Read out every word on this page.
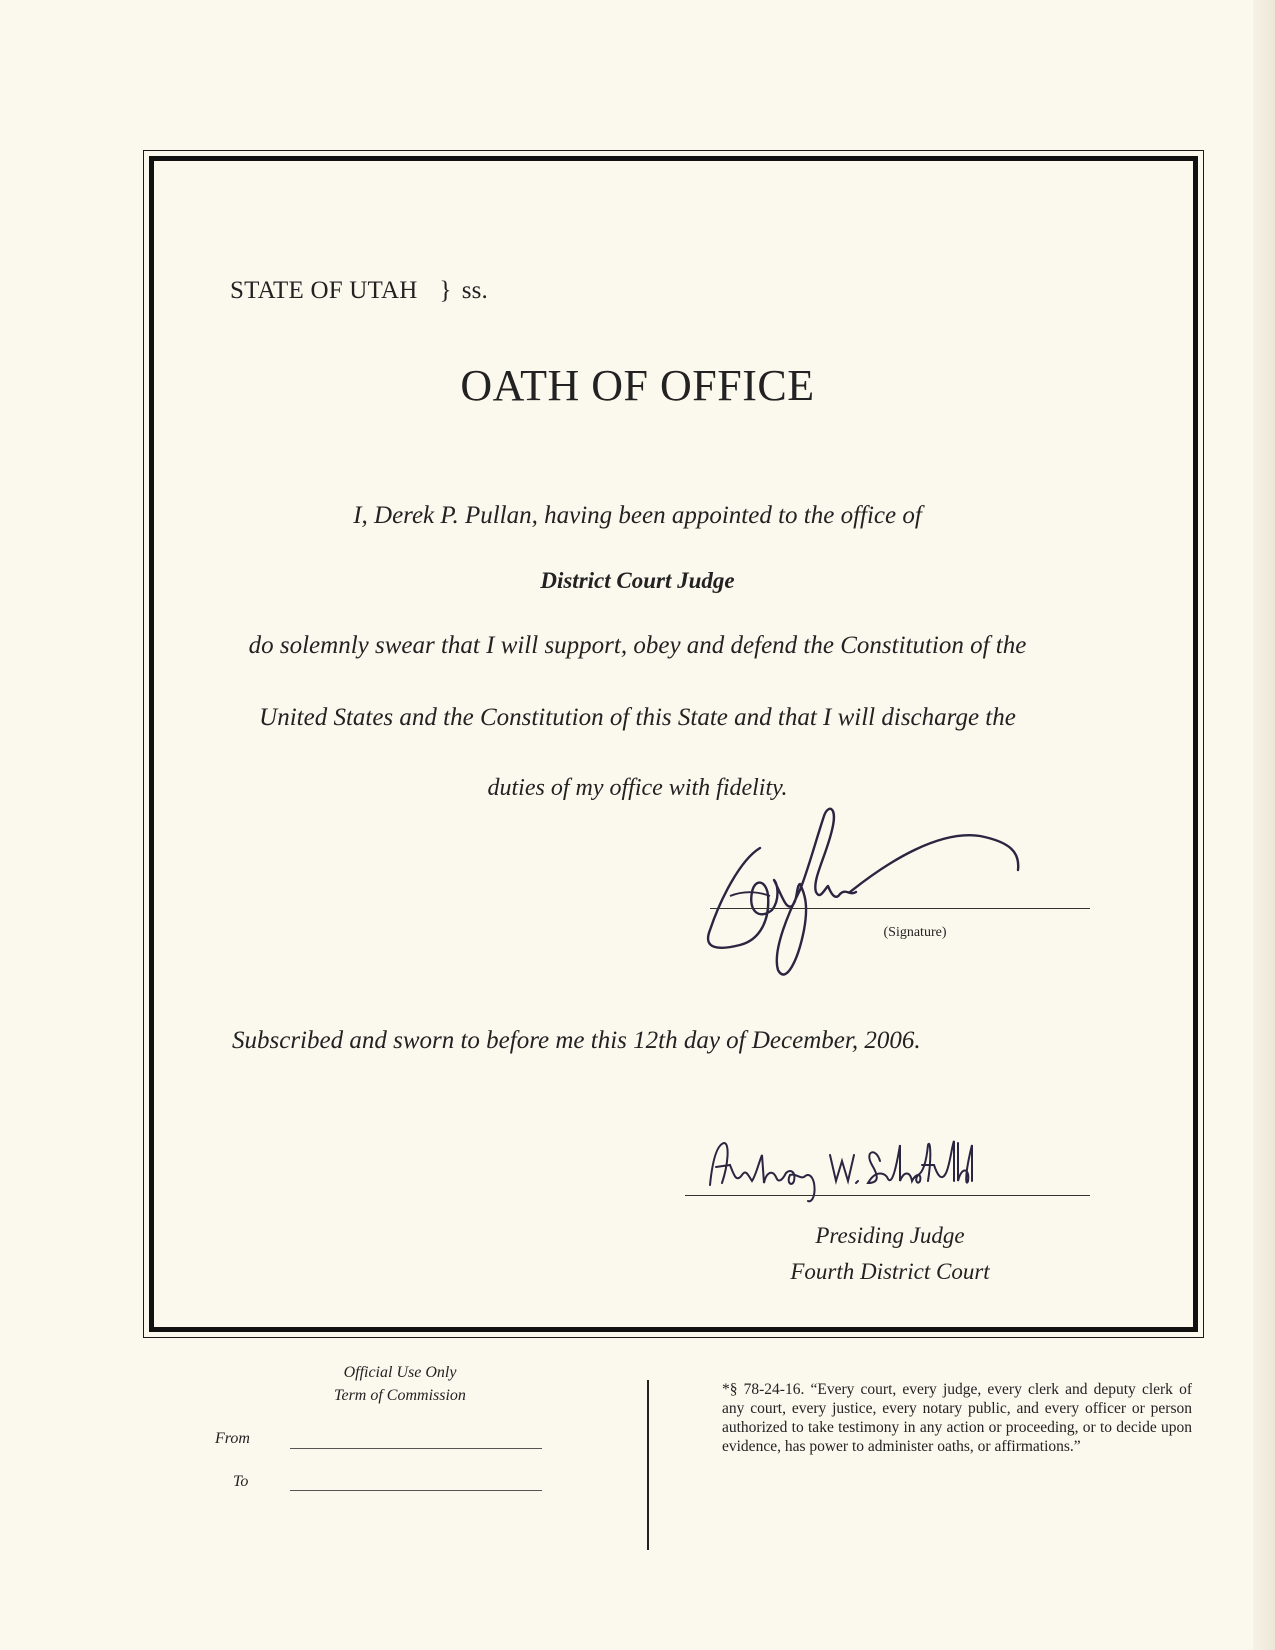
STATE OF UTAH } ss.
OATH OF OFFICE
I, Derek P. Pullan, having been appointed to the office of
District Court Judge
do solemnly swear that I will support, obey and defend the Constitution of the
United States and the Constitution of this State and that I will discharge the
duties of my office with fidelity.
(Signature)
Subscribed and sworn to before me this 12th day of December, 2006.
Presiding Judge
Fourth District Court
Official Use Only
Term of Commission
From
To
*§ 78-24-16. “Every court, every judge, every clerk and deputy clerk of any court, every justice, every notary public, and every officer or person authorized to take testimony in any action or proceeding, or to decide upon evidence, has power to administer oaths, or affirmations.”
